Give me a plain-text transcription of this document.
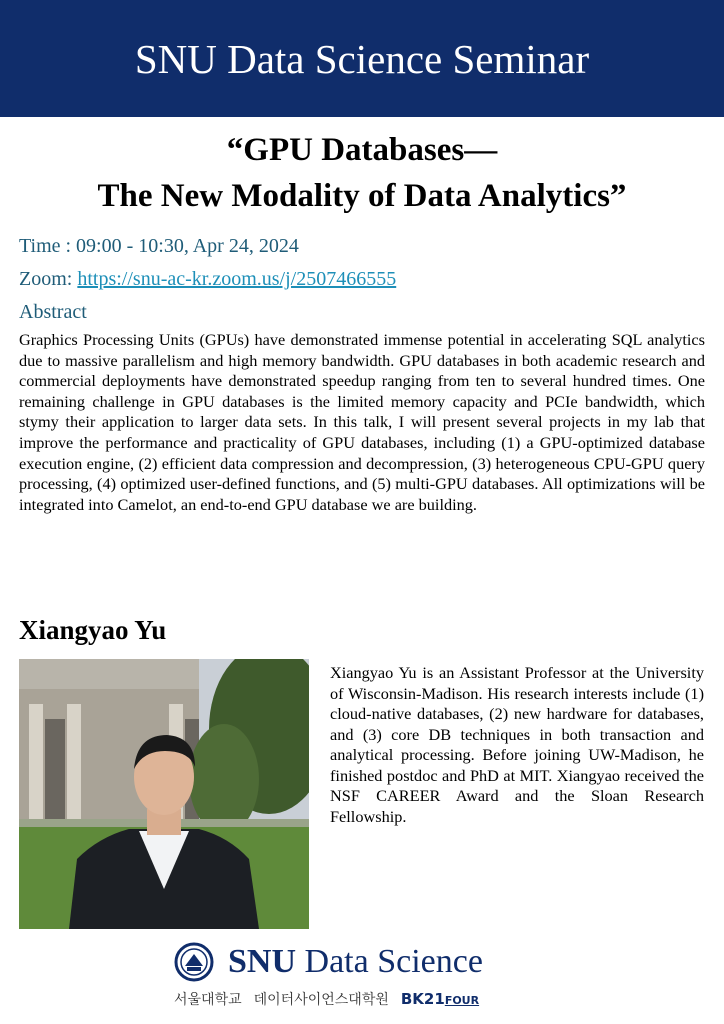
SNU Data Science Seminar
“GPU Databases—
The New Modality of Data Analytics”
Time : 09:00 - 10:30, Apr 24, 2024
Zoom: https://snu-ac-kr.zoom.us/j/2507466555
Abstract
Graphics Processing Units (GPUs) have demonstrated immense potential in accelerating SQL analytics due to massive parallelism and high memory bandwidth. GPU databases in both academic research and commercial deployments have demonstrated speedup ranging from ten to several hundred times. One remaining challenge in GPU databases is the limited memory capacity and PCIe bandwidth, which stymy their application to larger data sets. In this talk, I will present several projects in my lab that improve the performance and practicality of GPU databases, including (1) a GPU-optimized database execution engine, (2) efficient data compression and decompression, (3) heterogeneous CPU-GPU query processing, (4) optimized user-defined functions, and (5) multi-GPU databases. All optimizations will be integrated into Camelot, an end-to-end GPU database we are building.
Xiangyao Yu
Xiangyao Yu is an Assistant Professor at the University of Wisconsin-Madison. His research interests include (1) cloud-native databases, (2) new hardware for databases, and (3) core DB techniques in both transaction and analytical processing. Before joining UW-Madison, he finished postdoc and PhD at MIT. Xiangyao received the NSF CAREER Award and the Sloan Research Fellowship.
SNU Data Science
서울대학교 데이터사이언스대학원 BK21FOUR
